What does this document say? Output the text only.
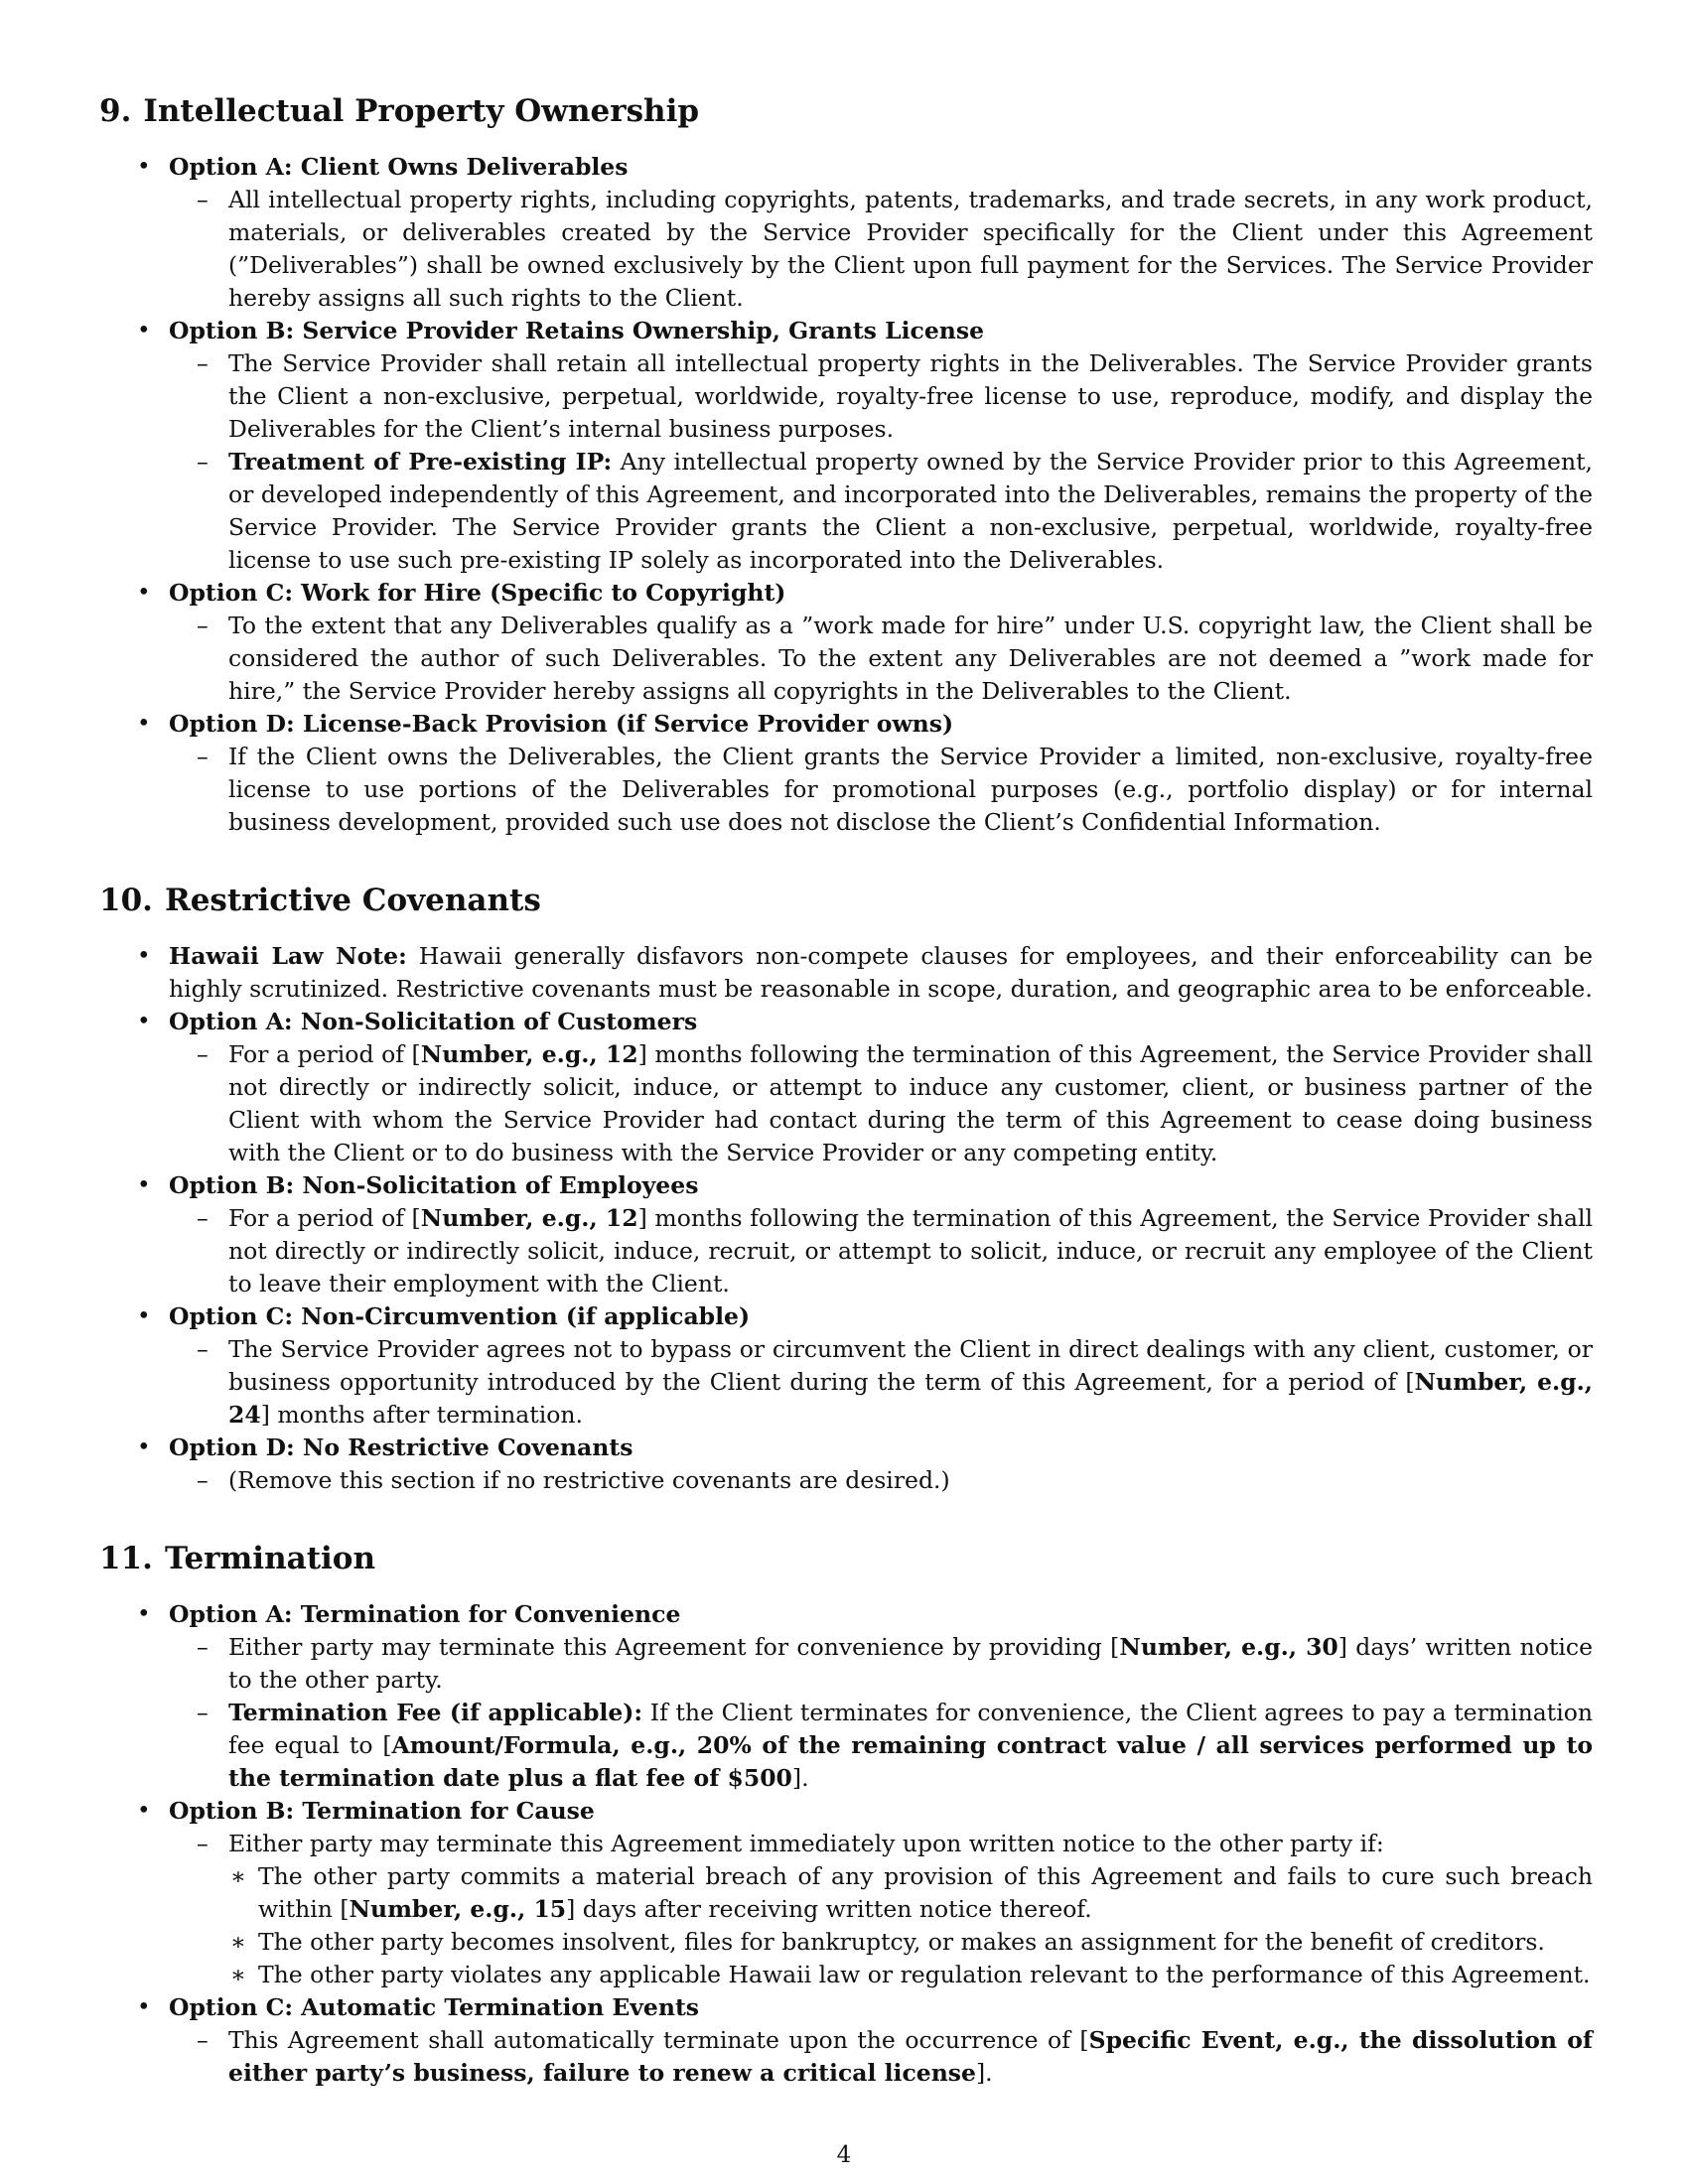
9. Intellectual Property Ownership
• Option A: Client Owns Deliverables
– All intellectual property rights, including copyrights, patents, trademarks, and trade secrets, in any work product, materials, or deliverables created by the Service Provider specifically for the Client under this Agreement (”Deliverables”) shall be owned exclusively by the Client upon full payment for the Services. The Service Provider hereby assigns all such rights to the Client.
• Option B: Service Provider Retains Ownership, Grants License
– The Service Provider shall retain all intellectual property rights in the Deliverables. The Service Provider grants the Client a non-exclusive, perpetual, worldwide, royalty-free license to use, reproduce, modify, and display the Deliverables for the Client’s internal business purposes.
– Treatment of Pre-existing IP: Any intellectual property owned by the Service Provider prior to this Agreement, or developed independently of this Agreement, and incorporated into the Deliverables, remains the property of the Service Provider. The Service Provider grants the Client a non-exclusive, perpetual, worldwide, royalty-free license to use such pre-existing IP solely as incorporated into the Deliverables.
• Option C: Work for Hire (Specific to Copyright)
– To the extent that any Deliverables qualify as a ”work made for hire” under U.S. copyright law, the Client shall be considered the author of such Deliverables. To the extent any Deliverables are not deemed a ”work made for hire,” the Service Provider hereby assigns all copyrights in the Deliverables to the Client.
• Option D: License-Back Provision (if Service Provider owns)
– If the Client owns the Deliverables, the Client grants the Service Provider a limited, non-exclusive, royalty-free license to use portions of the Deliverables for promotional purposes (e.g., portfolio display) or for internal business development, provided such use does not disclose the Client’s Confidential Information.
10. Restrictive Covenants
• Hawaii Law Note: Hawaii generally disfavors non-compete clauses for employees, and their enforceability can be highly scrutinized. Restrictive covenants must be reasonable in scope, duration, and geographic area to be enforceable.
• Option A: Non-Solicitation of Customers
– For a period of [Number, e.g., 12] months following the termination of this Agreement, the Service Provider shall not directly or indirectly solicit, induce, or attempt to induce any customer, client, or business partner of the Client with whom the Service Provider had contact during the term of this Agreement to cease doing business with the Client or to do business with the Service Provider or any competing entity.
• Option B: Non-Solicitation of Employees
– For a period of [Number, e.g., 12] months following the termination of this Agreement, the Service Provider shall not directly or indirectly solicit, induce, recruit, or attempt to solicit, induce, or recruit any employee of the Client to leave their employment with the Client.
• Option C: Non-Circumvention (if applicable)
– The Service Provider agrees not to bypass or circumvent the Client in direct dealings with any client, customer, or business opportunity introduced by the Client during the term of this Agreement, for a period of [Number, e.g., 24] months after termination.
• Option D: No Restrictive Covenants
– (Remove this section if no restrictive covenants are desired.)
11. Termination
• Option A: Termination for Convenience
– Either party may terminate this Agreement for convenience by providing [Number, e.g., 30] days’ written notice to the other party.
– Termination Fee (if applicable): If the Client terminates for convenience, the Client agrees to pay a termination fee equal to [Amount/Formula, e.g., 20% of the remaining contract value / all services performed up to the termination date plus a flat fee of $500].
• Option B: Termination for Cause
– Either party may terminate this Agreement immediately upon written notice to the other party if:
∗ The other party commits a material breach of any provision of this Agreement and fails to cure such breach within [Number, e.g., 15] days after receiving written notice thereof.
∗ The other party becomes insolvent, files for bankruptcy, or makes an assignment for the benefit of creditors.
∗ The other party violates any applicable Hawaii law or regulation relevant to the performance of this Agreement.
• Option C: Automatic Termination Events
– This Agreement shall automatically terminate upon the occurrence of [Specific Event, e.g., the dissolution of either party’s business, failure to renew a critical license].
4
